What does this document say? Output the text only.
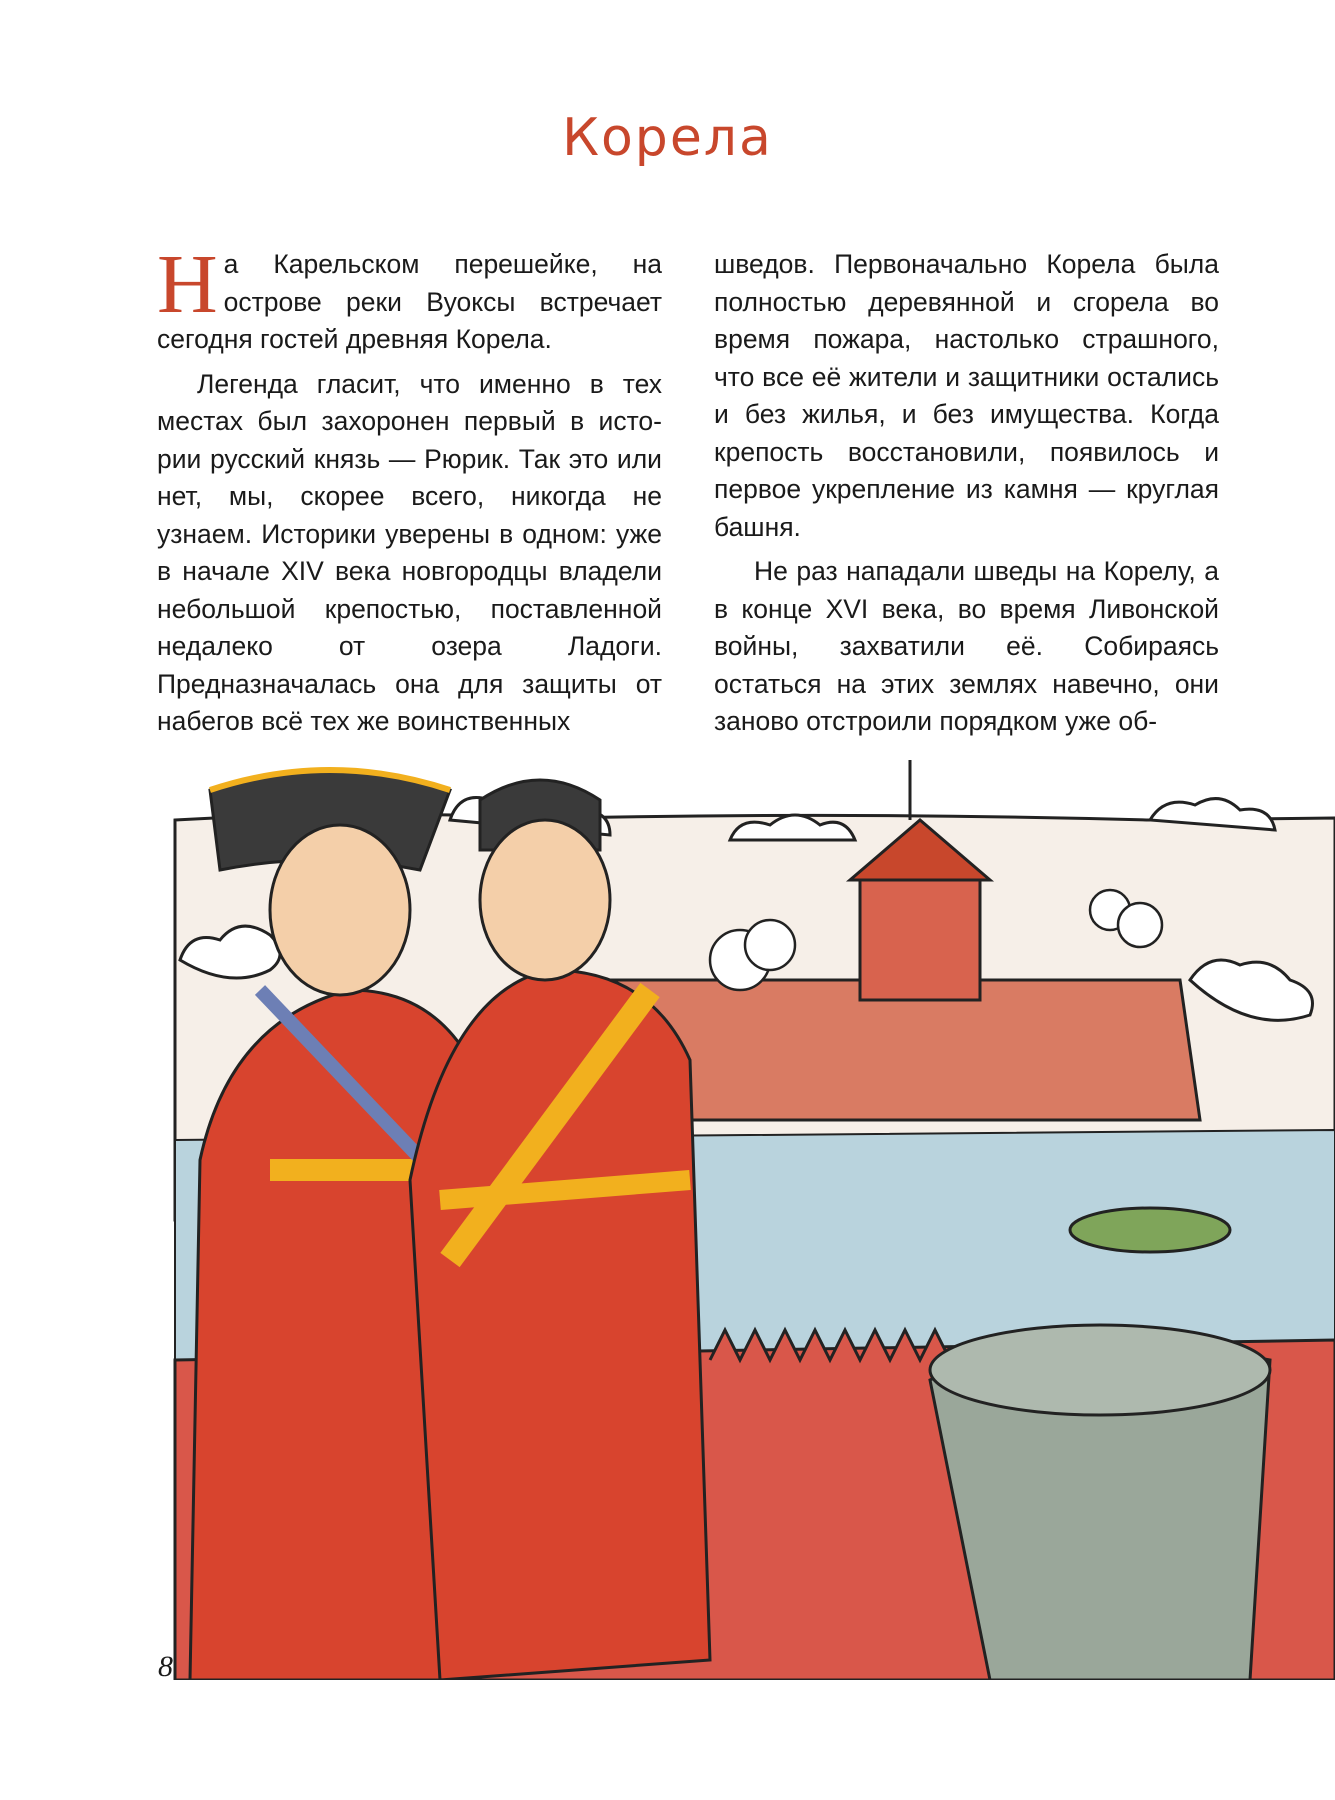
Корела

На Карельском перешейке, на острове реки Вуоксы встречает сегодня гостей древняя Корела.

Легенда гласит, что именно в тех местах был захоронен первый в истории русский князь — Рюрик. Так это или нет, мы, скорее всего, никогда не узнаем. Историки уверены в одном: уже в начале XIV века новгородцы владели небольшой крепостью, поставленной недалеко от озера Ладоги. Предназначалась она для защиты от набегов всё тех же воинственных

шведов. Первоначально Корела была полностью деревянной и сгорела во время пожара, настолько страшного, что все её жители и защитники остались и без жилья, и без имущества. Когда крепость восстановили, появилось и первое укрепление из камня — круглая башня.

Не раз нападали шведы на Корелу, а в конце XVI века, во время Ливонской войны, захватили её. Собираясь остаться на этих землях навечно, они заново отстроили порядком уже об-

8
